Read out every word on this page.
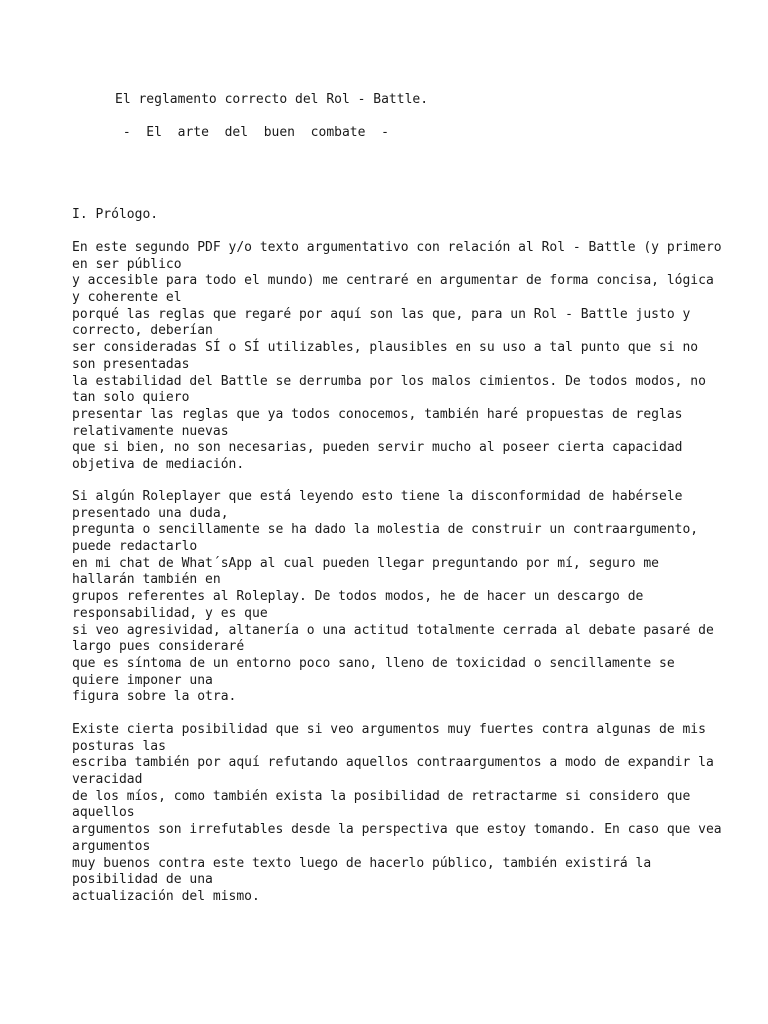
El reglamento correcto del Rol - Battle.
-  El  arte  del  buen  combate  -
I. Prólogo.
En este segundo PDF y/o texto argumentativo con relación al Rol - Battle (y primero
en ser público
y accesible para todo el mundo) me centraré en argumentar de forma concisa, lógica
y coherente el
porqué las reglas que regaré por aquí son las que, para un Rol - Battle justo y
correcto, deberían
ser consideradas SÍ o SÍ utilizables, plausibles en su uso a tal punto que si no
son presentadas
la estabilidad del Battle se derrumba por los malos cimientos. De todos modos, no
tan solo quiero
presentar las reglas que ya todos conocemos, también haré propuestas de reglas
relativamente nuevas
que si bien, no son necesarias, pueden servir mucho al poseer cierta capacidad
objetiva de mediación.
Si algún Roleplayer que está leyendo esto tiene la disconformidad de habérsele
presentado una duda,
pregunta o sencillamente se ha dado la molestia de construir un contraargumento,
puede redactarlo
en mi chat de What´sApp al cual pueden llegar preguntando por mí, seguro me
hallarán también en
grupos referentes al Roleplay. De todos modos, he de hacer un descargo de
responsabilidad, y es que
si veo agresividad, altanería o una actitud totalmente cerrada al debate pasaré de
largo pues consideraré
que es síntoma de un entorno poco sano, lleno de toxicidad o sencillamente se
quiere imponer una
figura sobre la otra.
Existe cierta posibilidad que si veo argumentos muy fuertes contra algunas de mis
posturas las
escriba también por aquí refutando aquellos contraargumentos a modo de expandir la
veracidad
de los míos, como también exista la posibilidad de retractarme si considero que
aquellos
argumentos son irrefutables desde la perspectiva que estoy tomando. En caso que vea
argumentos
muy buenos contra este texto luego de hacerlo público, también existirá la
posibilidad de una
actualización del mismo.
